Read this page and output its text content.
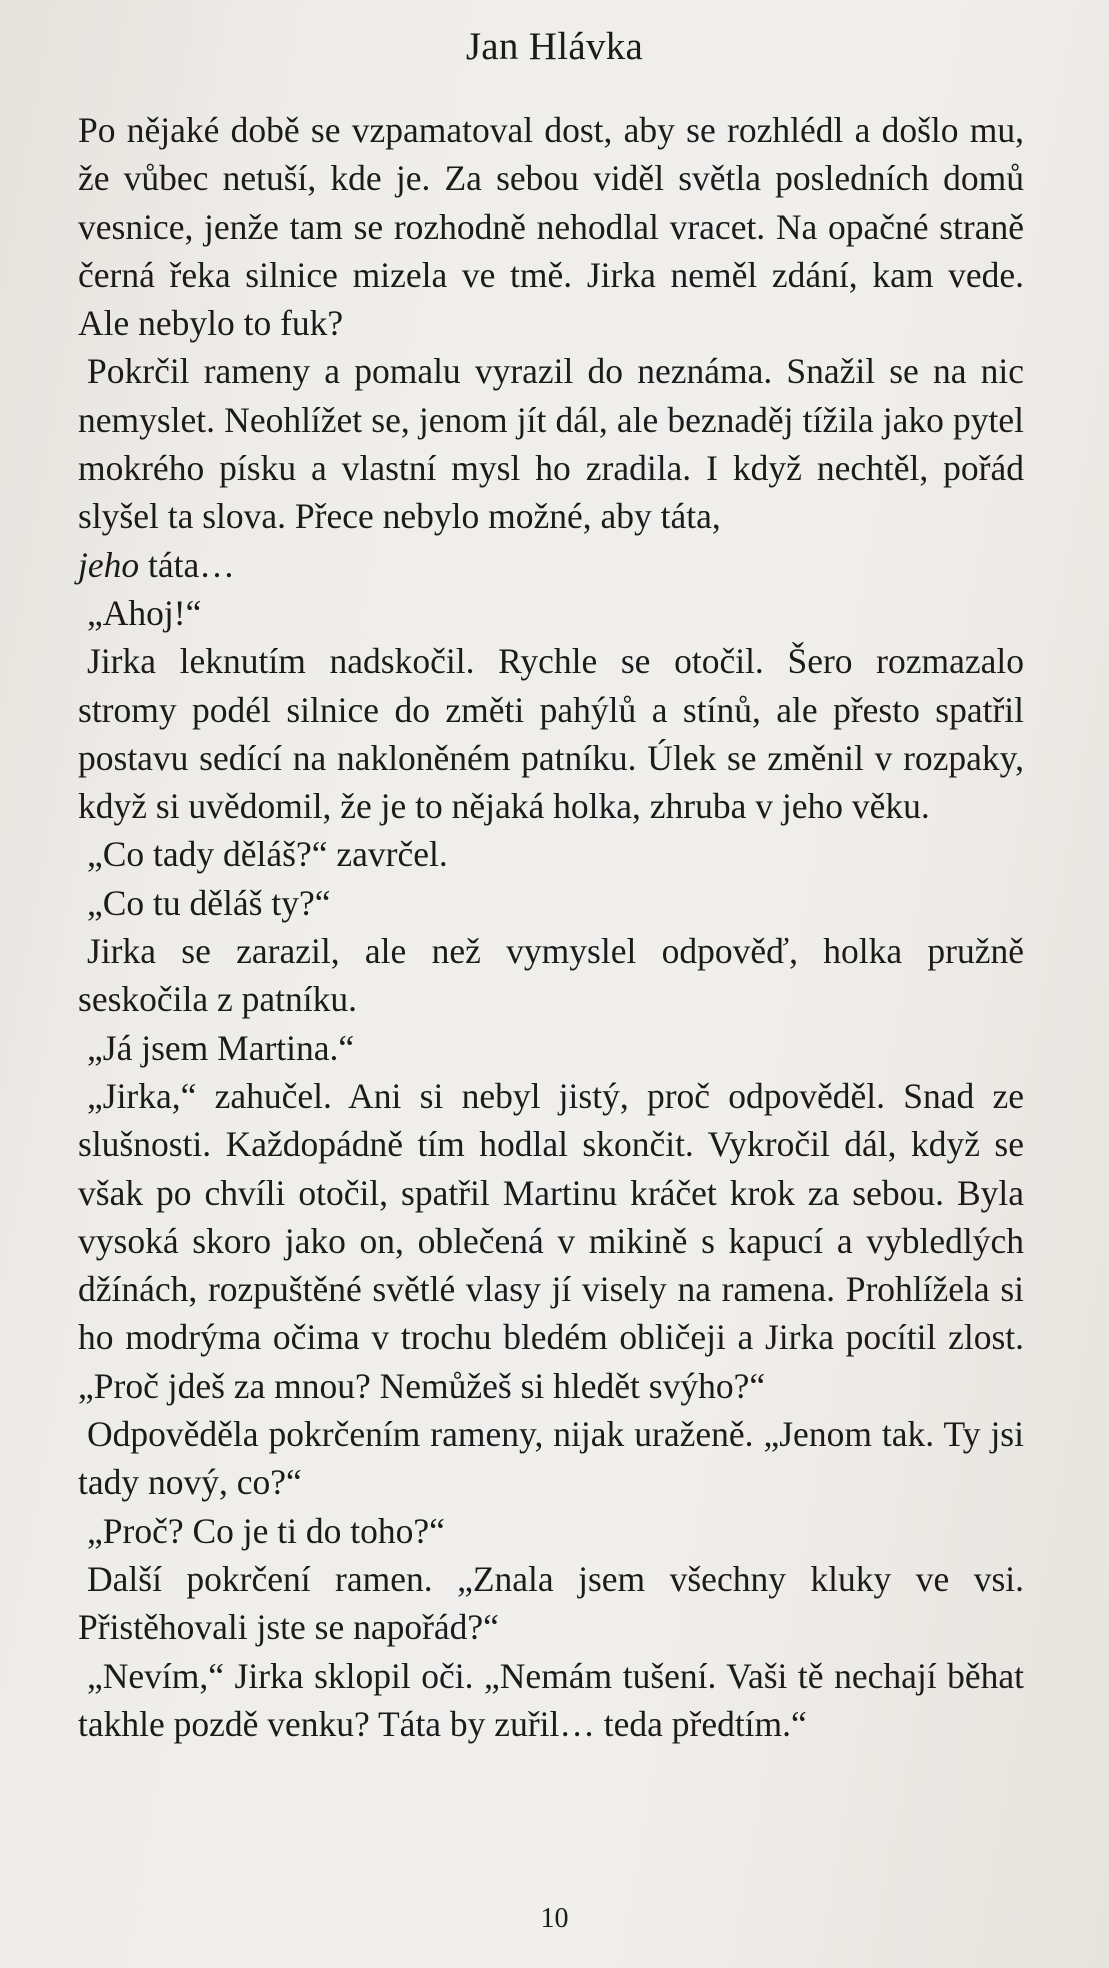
Jan Hlávka

Po nějaké době se vzpamatoval dost, aby se rozhlédl a došlo mu, že vůbec netuší, kde je. Za sebou viděl světla posledních domů vesnice, jenže tam se rozhodně nehodlal vracet. Na opačné straně černá řeka silnice mizela ve tmě. Jirka neměl zdání, kam vede. Ale nebylo to fuk?

Pokrčil rameny a pomalu vyrazil do neznáma. Snažil se na nic nemyslet. Neohlížet se, jenom jít dál, ale beznaděj tížila jako pytel mokrého písku a vlastní mysl ho zradila. I když nechtěl, pořád slyšel ta slova. Přece nebylo možné, aby táta,
jeho táta…

„Ahoj!“

Jirka leknutím nadskočil. Rychle se otočil. Šero rozmazalo stromy podél silnice do změti pahýlů a stínů, ale přesto spatřil postavu sedící na nakloněném patníku. Úlek se změnil v rozpaky, když si uvědomil, že je to nějaká holka, zhruba v jeho věku.

„Co tady děláš?“ zavrčel.

„Co tu děláš ty?“

Jirka se zarazil, ale než vymyslel odpověď, holka pružně seskočila z patníku.

„Já jsem Martina.“

„Jirka,“ zahučel. Ani si nebyl jistý, proč odpověděl. Snad ze slušnosti. Každopádně tím hodlal skončit. Vykročil dál, když se však po chvíli otočil, spatřil Martinu kráčet krok za sebou. Byla vysoká skoro jako on, oblečená v mikině s kapucí a vybledlých džínách, rozpuštěné světlé vlasy jí visely na ramena. Prohlížela si ho modrýma očima v trochu bledém obličeji a Jirka pocítil zlost. „Proč jdeš za mnou? Nemůžeš si hledět svýho?“

Odpověděla pokrčením rameny, nijak uraženě. „Jenom tak. Ty jsi tady nový, co?“

„Proč? Co je ti do toho?“

Další pokrčení ramen. „Znala jsem všechny kluky ve vsi. Přistěhovali jste se napořád?“

„Nevím,“ Jirka sklopil oči. „Nemám tušení. Vaši tě nechají běhat takhle pozdě venku? Táta by zuřil… teda předtím.“

10
